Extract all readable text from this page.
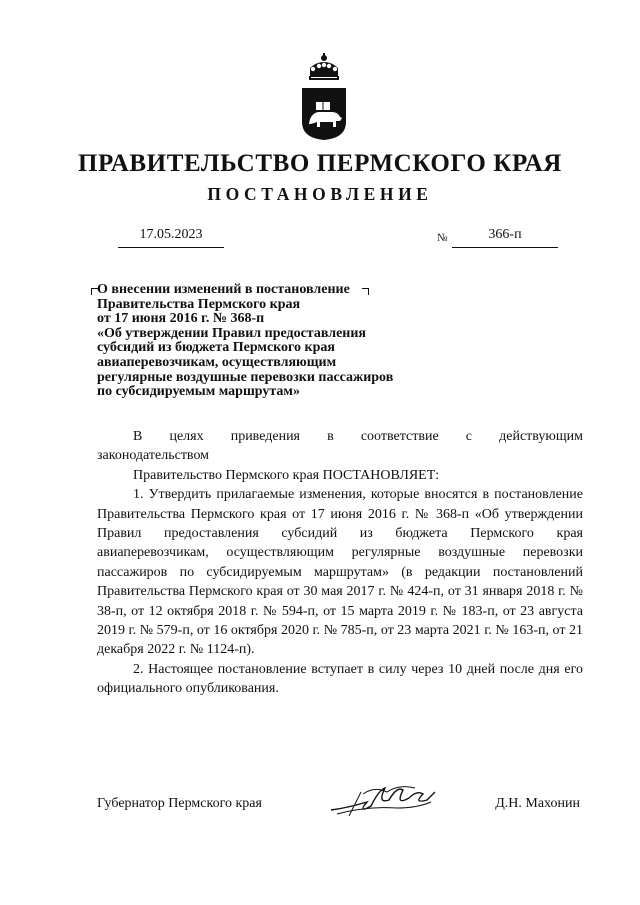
ПРАВИТЕЛЬСТВО ПЕРМСКОГО КРАЯ
ПОСТАНОВЛЕНИЕ
17.05.2023	№	366-п
О внесении изменений в постановление
Правительства Пермского края
от 17 июня 2016 г. № 368-п
«Об утверждении Правил предоставления
субсидий из бюджета Пермского края
авиаперевозчикам, осуществляющим
регулярные воздушные перевозки пассажиров
по субсидируемым маршрутам»

В целях приведения в соответствие с действующим

законодательством

Правительство Пермского края ПОСТАНОВЛЯЕТ:

1. Утвердить прилагаемые изменения, которые вносятся в постановление Правительства Пермского края от 17 июня 2016 г. № 368-п «Об утверждении Правил предоставления субсидий из бюджета Пермского края авиаперевозчикам, осуществляющим регулярные воздушные перевозки пассажиров по субсидируемым маршрутам» (в редакции постановлений Правительства Пермского края от 30 мая 2017 г. № 424-п, от 31 января 2018 г. № 38-п, от 12 октября 2018 г. № 594-п, от 15 марта 2019 г. № 183-п, от 23 августа 2019 г. № 579-п, от 16 октября 2020 г. № 785-п, от 23 марта 2021 г. № 163-п, от 21 декабря 2022 г. № 1124-п).

2. Настоящее постановление вступает в силу через 10 дней после дня его официального опубликования.

Губернатор Пермского края	Д.Н. Махонин
